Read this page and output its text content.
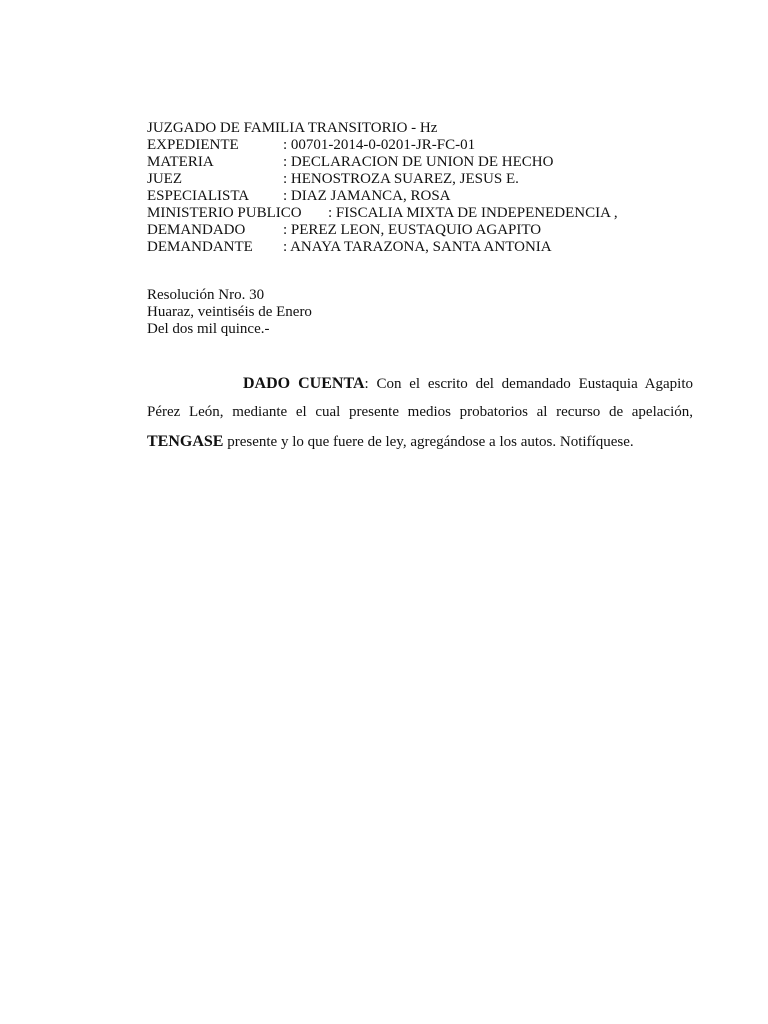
JUZGADO DE FAMILIA TRANSITORIO - Hz
EXPEDIENTE	: 00701-2014-0-0201-JR-FC-01
MATERIA	: DECLARACION DE UNION DE HECHO
JUEZ	: HENOSTROZA SUAREZ, JESUS E.
ESPECIALISTA : DIAZ JAMANCA, ROSA
MINISTERIO PUBLICO : FISCALIA MIXTA DE INDEPENEDENCIA ,
DEMANDADO	: PEREZ LEON, EUSTAQUIO AGAPITO
DEMANDANTE : ANAYA TARAZONA, SANTA ANTONIA
Resolución Nro. 30
Huaraz, veintiséis de Enero
Del dos mil quince.-
DADO CUENTA: Con el escrito del demandado Eustaquia Agapito
Pérez León, mediante el cual presente medios probatorios al recurso de apelación,
TENGASE presente y lo que fuere de ley, agregándose a los autos. Notifíquese.
